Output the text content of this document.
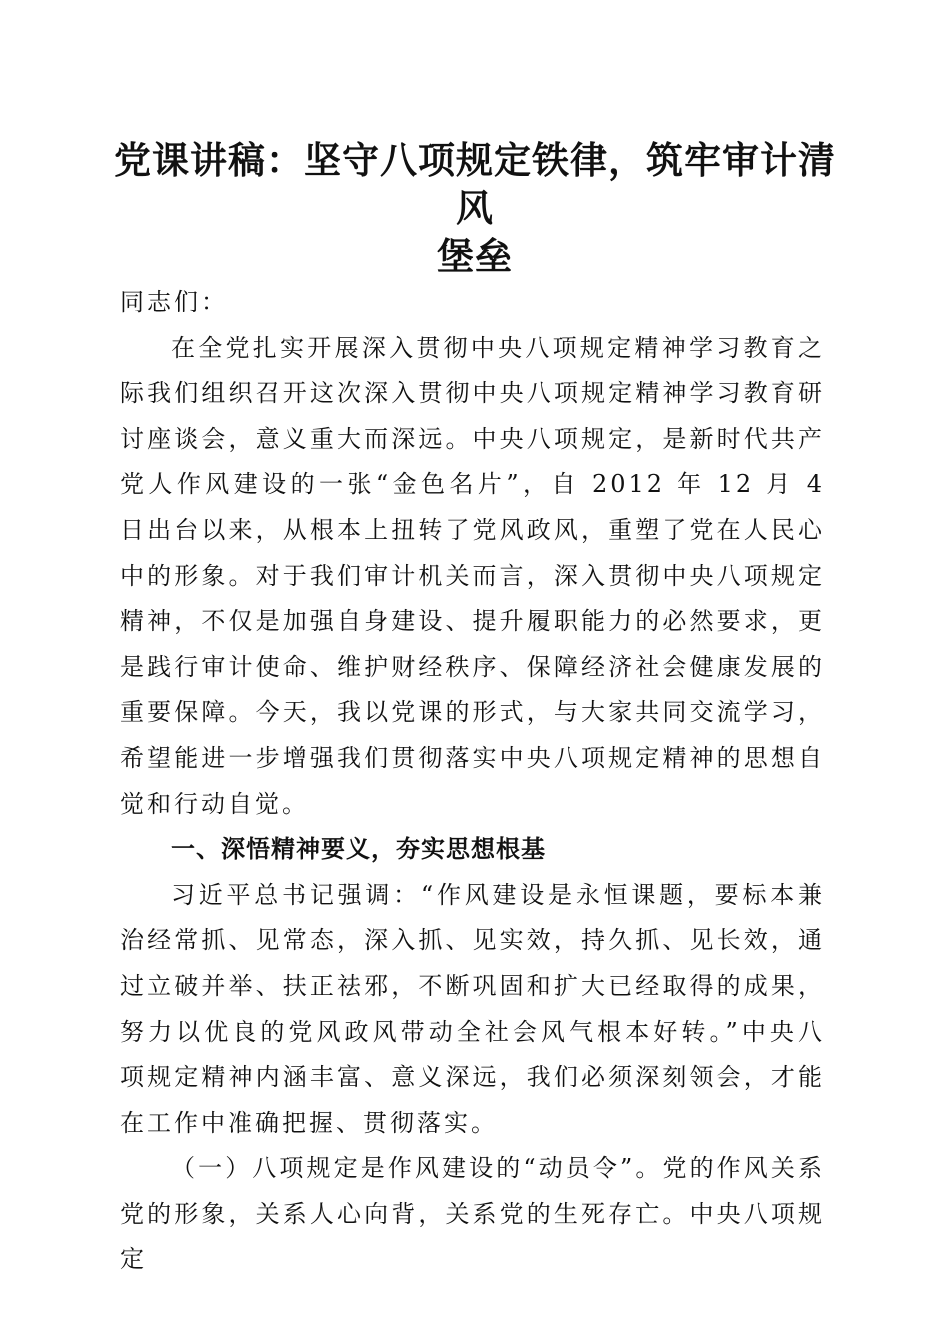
党课讲稿：坚守八项规定铁律，筑牢审计清风
堡垒

同志们：

在全党扎实开展深入贯彻中央八项规定精神学习教育之际我们组织召开这次深入贯彻中央八项规定精神学习教育研讨座谈会，意义重大而深远。中央八项规定，是新时代共产党人作风建设的一张“金色名片”，自 2012 年 12 月 4 日出台以来，从根本上扭转了党风政风，重塑了党在人民心中的形象。对于我们审计机关而言，深入贯彻中央八项规定精神，不仅是加强自身建设、提升履职能力的必然要求，更是践行审计使命、维护财经秩序、保障经济社会健康发展的重要保障。今天，我以党课的形式，与大家共同交流学习，希望能进一步增强我们贯彻落实中央八项规定精神的思想自觉和行动自觉。

一、深悟精神要义，夯实思想根基

习近平总书记强调：“作风建设是永恒课题，要标本兼治经常抓、见常态，深入抓、见实效，持久抓、见长效，通过立破并举、扶正祛邪，不断巩固和扩大已经取得的成果，努力以优良的党风政风带动全社会风气根本好转。”中央八项规定精神内涵丰富、意义深远，我们必须深刻领会，才能在工作中准确把握、贯彻落实。

（一）八项规定是作风建设的“动员令”。党的作风关系党的形象，关系人心向背，关系党的生死存亡。中央八项规定
